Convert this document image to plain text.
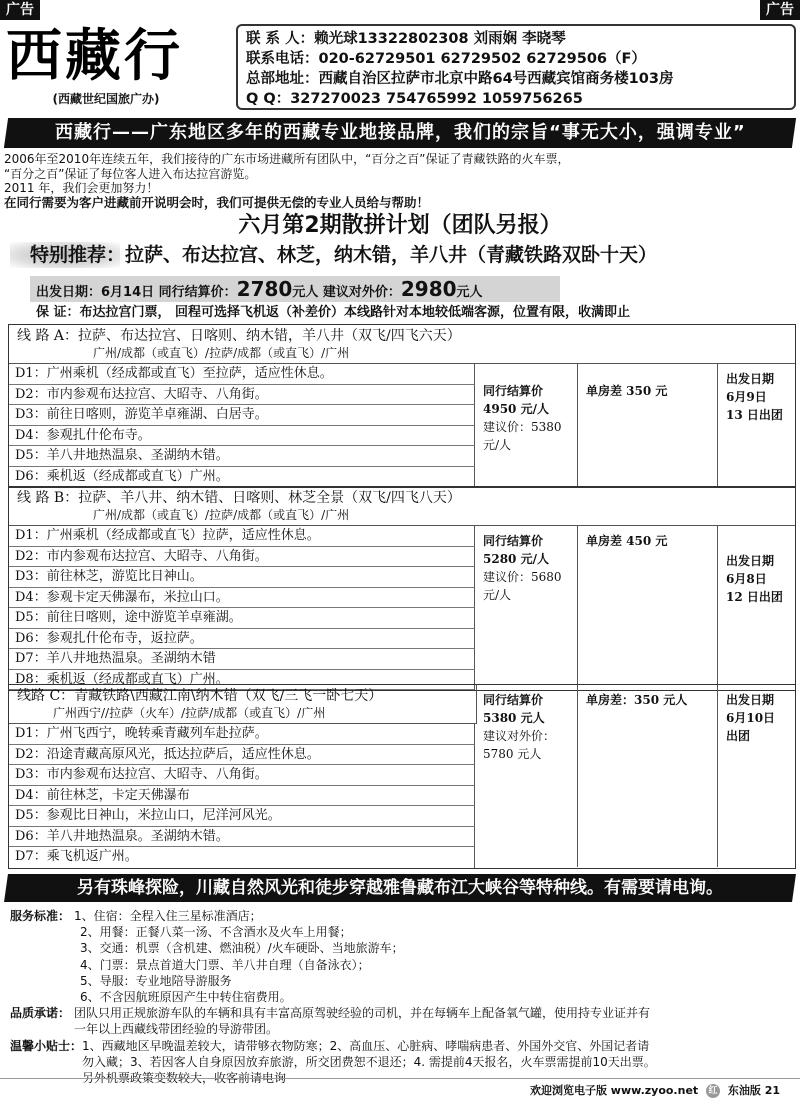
广告	广告
西藏行
(西藏世纪国旅广办)
联 系 人：赖光球13322802308 刘雨娴 李晓琴
联系电话：020-62729501 62729502 62729506（F）
总部地址：西藏自治区拉萨市北京中路64号西藏宾馆商务楼103房
Q Q：327270023 754765992 1059756265
西藏行——广东地区多年的西藏专业地接品牌，我们的宗旨“事无大小，强调专业”
2006年至2010年连续五年，我们接待的广东市场进藏所有团队中，“百分之百”保证了青藏铁路的火车票，
“百分之百”保证了每位客人进入布达拉宫游览。
2011 年，我们会更加努力！
在同行需要为客户进藏前开说明会时，我们可提供无偿的专业人员给与帮助！
六月第2期散拼计划（团队另报）
特别推荐：拉萨、布达拉宫、林芝，纳木错，羊八井（青藏铁路双卧十天）
出发日期：6月14日 同行结算价：2780元人 建议对外价：2980元人
保 证：布达拉宫门票， 回程可选择飞机返（补差价）本线路针对本地较低端客源，位置有限，收满即止
线 路 A：拉萨、布达拉宫、日喀则、纳木错，羊八井（双飞/四飞六天）
广州/成都（或直飞）/拉萨/成都（或直飞）/广州
D1：广州乘机（经成都或直飞）至拉萨，适应性休息。
D2：市内参观布达拉宫、大昭寺、八角街。
D3：前往日喀则，游览羊卓雍湖、白居寺。
D4：参观扎什伦布寺。
D5：羊八井地热温泉、圣湖纳木错。
D6：乘机返（经成都或直飞）广州。
同行结算价
4950 元/人
建议价：5380元/人
单房差 350 元
出发日期
6月9日 13 日出团
线 路 B：拉萨、羊八井、纳木错、日喀则、林芝全景（双飞/四飞八天）
广州/成都（或直飞）/拉萨/成都（或直飞）/广州
D1：广州乘机（经成都或直飞）拉萨，适应性休息。
D2：市内参观布达拉宫、大昭寺、八角街。
D3：前往林芝，游览比日神山。
D4：参观卡定天佛瀑布，米拉山口。
D5：前往日喀则，途中游览羊卓雍湖。
D6：参观扎什伦布寺，返拉萨。
D7：羊八井地热温泉。圣湖纳木错
D8：乘机返（经成都或直飞）广州。
同行结算价
5280 元/人
建议价：5680元/人
单房差 450 元
出发日期
6月8日 12 日出团
线路 C：青藏铁路\西藏江南\纳木错（双飞/三飞一卧七天）
广州西宁//拉萨（火车）/拉萨/成都（或直飞）/广州
D1：广州飞西宁，晚转乘青藏列车赴拉萨。
D2：沿途青藏高原风光，抵达拉萨后，适应性休息。
D3：市内参观布达拉宫、大昭寺、八角街。
D4：前往林芝，卡定天佛瀑布
D5：参观比日神山，米拉山口，尼洋河风光。
D6：羊八井地热温泉。圣湖纳木错。
D7：乘飞机返广州。
同行结算价
5380 元人
建议对外价：5780 元人
单房差：350 元人	出发日期
6月10日出团
另有珠峰探险，川藏自然风光和徒步穿越雅鲁藏布江大峡谷等特种线。有需要请电询。
服务标准： 1、住宿：全程入住三星标准酒店；
2、用餐：正餐八菜一汤、不含酒水及火车上用餐；
3、交通：机票（含机建、燃油税）/火车硬卧、当地旅游车；
4、门票：景点首道大门票、羊八井自理（自备泳衣）；
5、导服：专业地陪导游服务
6、不含因航班原因产生中转住宿费用。
品质承诺： 团队只用正规旅游车队的车辆和具有丰富高原驾驶经验的司机，并在每辆车上配备氧气罐，使用持专业证并有
一年以上西藏线带团经验的导游带团。
温馨小贴士：1、西藏地区早晚温差较大，请带够衣物防寒；2、高血压、心脏病、哮喘病患者、外国外交官、外国记者请
勿入藏；3、若因客人自身原因放弃旅游，所交团费恕不退还；4. 需提前4天报名，火车票需提前10天出票。
另外机票政策变数较大，收客前请电询
欢迎浏览电子版 www.zyoo.net 红 东油版 21
